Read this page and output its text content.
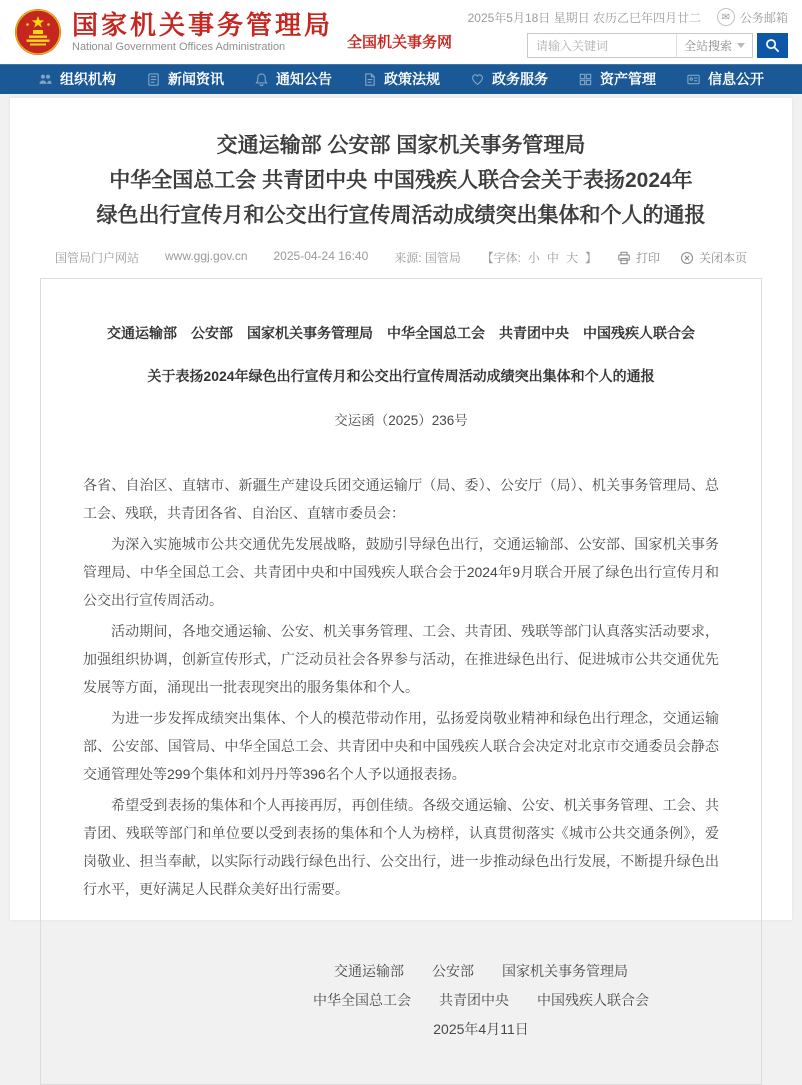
国家机关事务管理局
National Government Offices Administration	全国机关事务网
2025年5月18日 星期日 农历乙巳年四月廿二	✉ 公务邮箱
请输入关键词
全站搜索
组织机构	新闻资讯	通知公告	政策法规	政务服务	资产管理	信息公开
交通运输部 公安部 国家机关事务管理局
中华全国总工会 共青团中央 中国残疾人联合会关于表扬2024年
绿色出行宣传月和公交出行宣传周活动成绩突出集体和个人的通报
国管局门户网站 www.ggj.gov.cn 2025-04-24 16:40 来源: 国管局 【字体: 小 中 大 】	打印	关闭本页

交通运输部　公安部　国家机关事务管理局　中华全国总工会　共青团中央　中国残疾人联合会

关于表扬2024年绿色出行宣传月和公交出行宣传周活动成绩突出集体和个人的通报

交运函（2025）236号

各省、自治区、直辖市、新疆生产建设兵团交通运输厅（局、委）、公安厅（局）、机关事务管理局、总工会、残联，共青团各省、自治区、直辖市委员会：

为深入实施城市公共交通优先发展战略，鼓励引导绿色出行，交通运输部、公安部、国家机关事务管理局、中华全国总工会、共青团中央和中国残疾人联合会于2024年9月联合开展了绿色出行宣传月和公交出行宣传周活动。

活动期间，各地交通运输、公安、机关事务管理、工会、共青团、残联等部门认真落实活动要求，加强组织协调，创新宣传形式，广泛动员社会各界参与活动，在推进绿色出行、促进城市公共交通优先发展等方面，涌现出一批表现突出的服务集体和个人。

为进一步发挥成绩突出集体、个人的模范带动作用，弘扬爱岗敬业精神和绿色出行理念，交通运输部、公安部、国管局、中华全国总工会、共青团中央和中国残疾人联合会决定对北京市交通委员会静态交通管理处等299个集体和刘丹丹等396名个人予以通报表扬。

希望受到表扬的集体和个人再接再厉，再创佳绩。各级交通运输、公安、机关事务管理、工会、共青团、残联等部门和单位要以受到表扬的集体和个人为榜样，认真贯彻落实《城市公共交通条例》，爱岗敬业、担当奉献，以实际行动践行绿色出行、公交出行，进一步推动绿色出行发展，不断提升绿色出行水平，更好满足人民群众美好出行需要。

交通运输部　　公安部　　国家机关事务管理局
中华全国总工会　　共青团中央　　中国残疾人联合会
2025年4月11日
